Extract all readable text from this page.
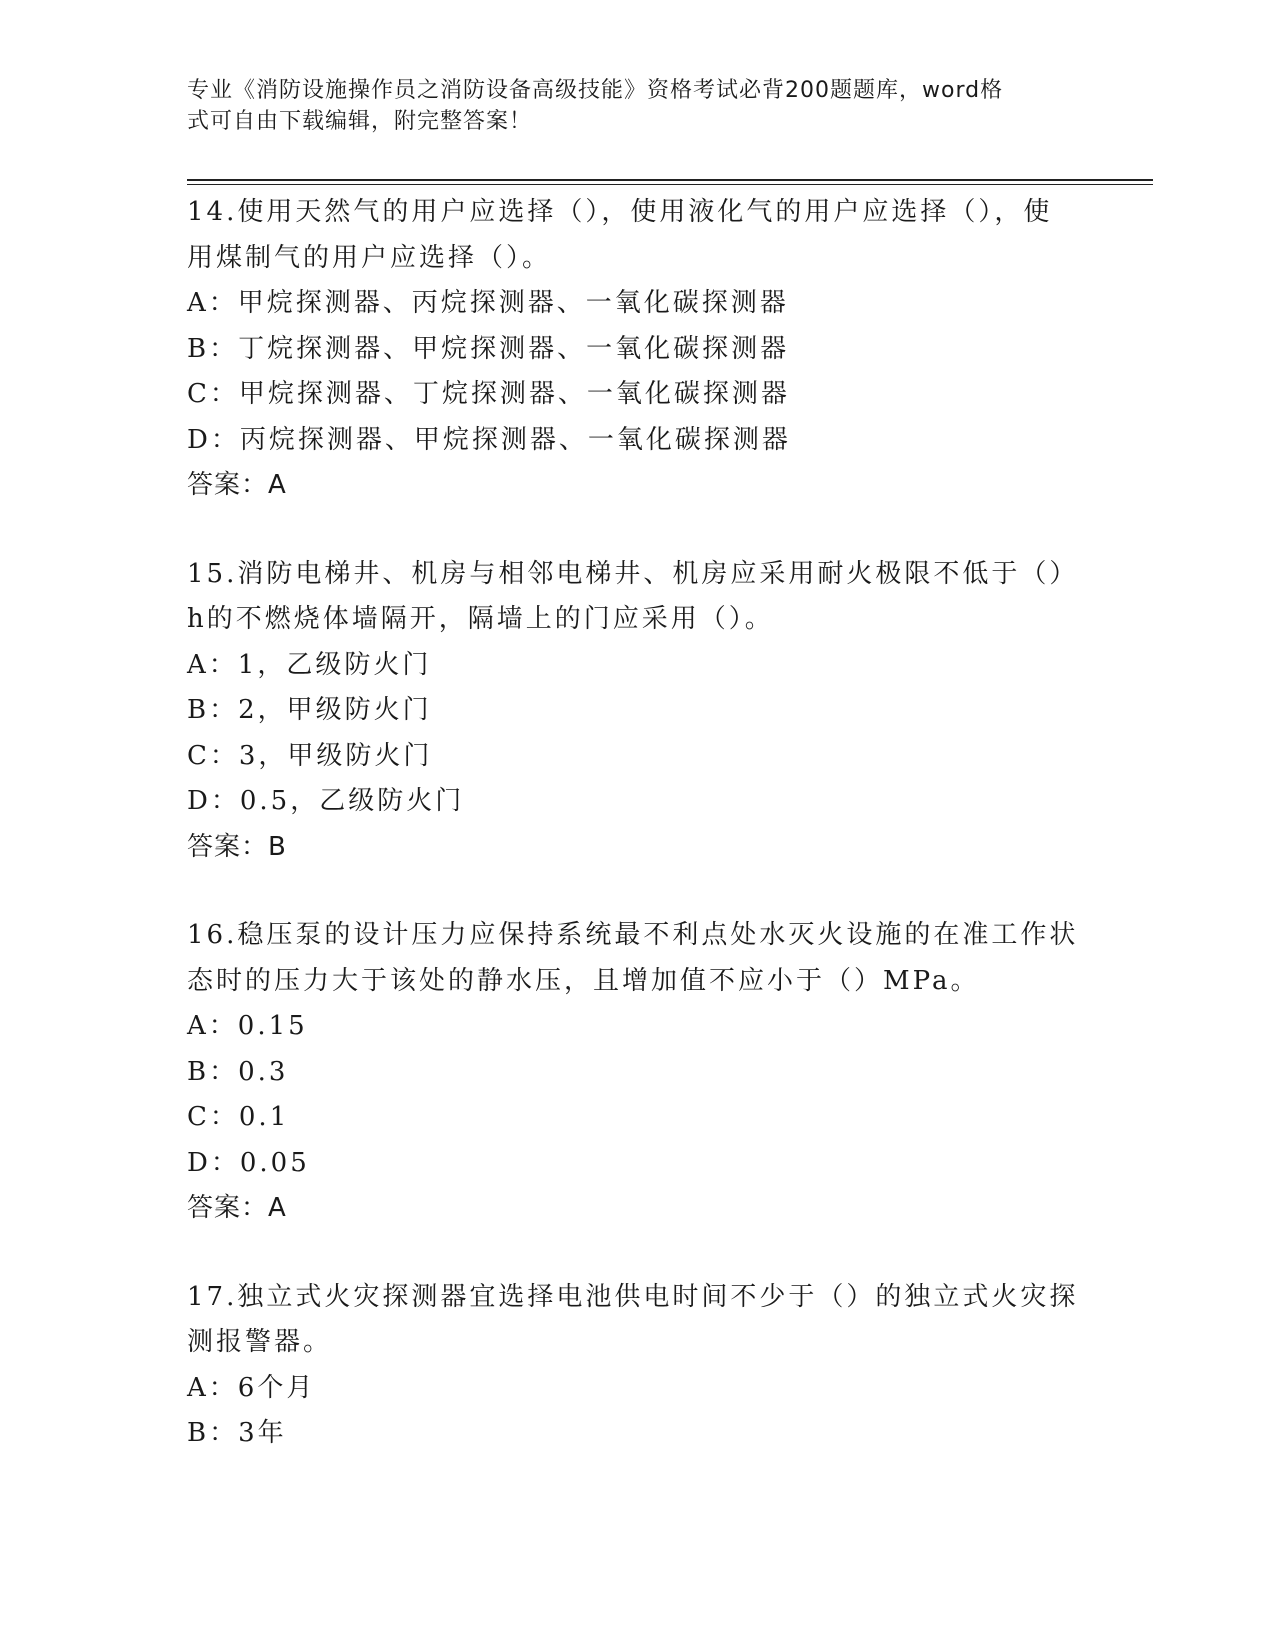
专业《消防设施操作员之消防设备高级技能》资格考试必背200题题库，word格
式可自由下载编辑，附完整答案！
14.使用天然气的用户应选择（），使用液化气的用户应选择（），使
用煤制气的用户应选择（）。
A：甲烷探测器、丙烷探测器、一氧化碳探测器
B：丁烷探测器、甲烷探测器、一氧化碳探测器
C：甲烷探测器、丁烷探测器、一氧化碳探测器
D：丙烷探测器、甲烷探测器、一氧化碳探测器
答案：A
15.消防电梯井、机房与相邻电梯井、机房应采用耐火极限不低于（）
h的不燃烧体墙隔开，隔墙上的门应采用（）。
A：1，乙级防火门
B：2，甲级防火门
C：3，甲级防火门
D：0.5，乙级防火门
答案：B
16.稳压泵的设计压力应保持系统最不利点处水灭火设施的在准工作状
态时的压力大于该处的静水压，且增加值不应小于（）MPa。
A：0.15
B：0.3
C：0.1
D：0.05
答案：A
17.独立式火灾探测器宜选择电池供电时间不少于（）的独立式火灾探
测报警器。
A：6个月
B：3年
